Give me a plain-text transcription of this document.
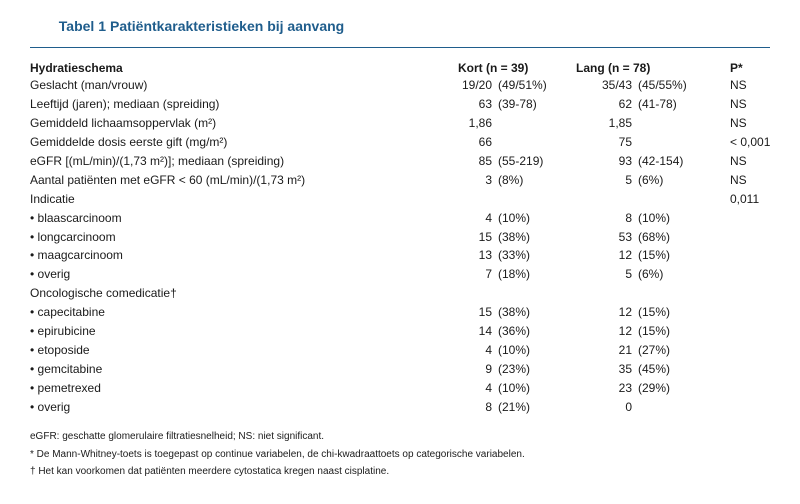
Tabel 1 Patiëntkarakteristieken bij aanvang
Hydratieschema	Kort (n = 39)		Lang (n = 78)		P*
Geslacht (man/vrouw)	19/20	(49/51%)	35/43	(45/55%)	NS
Leeftijd (jaren); mediaan (spreiding)	63	(39-78)	62	(41-78)	NS
Gemiddeld lichaamsoppervlak (m²)	1,86		1,85		NS
Gemiddelde dosis eerste gift (mg/m²)	66		75		< 0,001
eGFR [(mL/min)/(1,73 m²)]; mediaan (spreiding)	85	(55-219)	93	(42-154)	NS
Aantal patiënten met eGFR < 60 (mL/min)/(1,73 m²)	3	(8%)	5	(6%)	NS
Indicatie					0,011
• blaascarcinoom	4	(10%)	8	(10%)	
• longcarcinoom	15	(38%)	53	(68%)	
• maagcarcinoom	13	(33%)	12	(15%)	
• overig	7	(18%)	5	(6%)	
Oncologische comedicatie†					
• capecitabine	15	(38%)	12	(15%)	
• epirubicine	14	(36%)	12	(15%)	
• etoposide	4	(10%)	21	(27%)	
• gemcitabine	9	(23%)	35	(45%)	
• pemetrexed	4	(10%)	23	(29%)	
• overig	8	(21%)	0		
eGFR: geschatte glomerulaire filtratiesnelheid; NS: niet significant.
* De Mann-Whitney-toets is toegepast op continue variabelen, de chi-kwadraattoets op categorische variabelen.
† Het kan voorkomen dat patiënten meerdere cytostatica kregen naast cisplatine.
